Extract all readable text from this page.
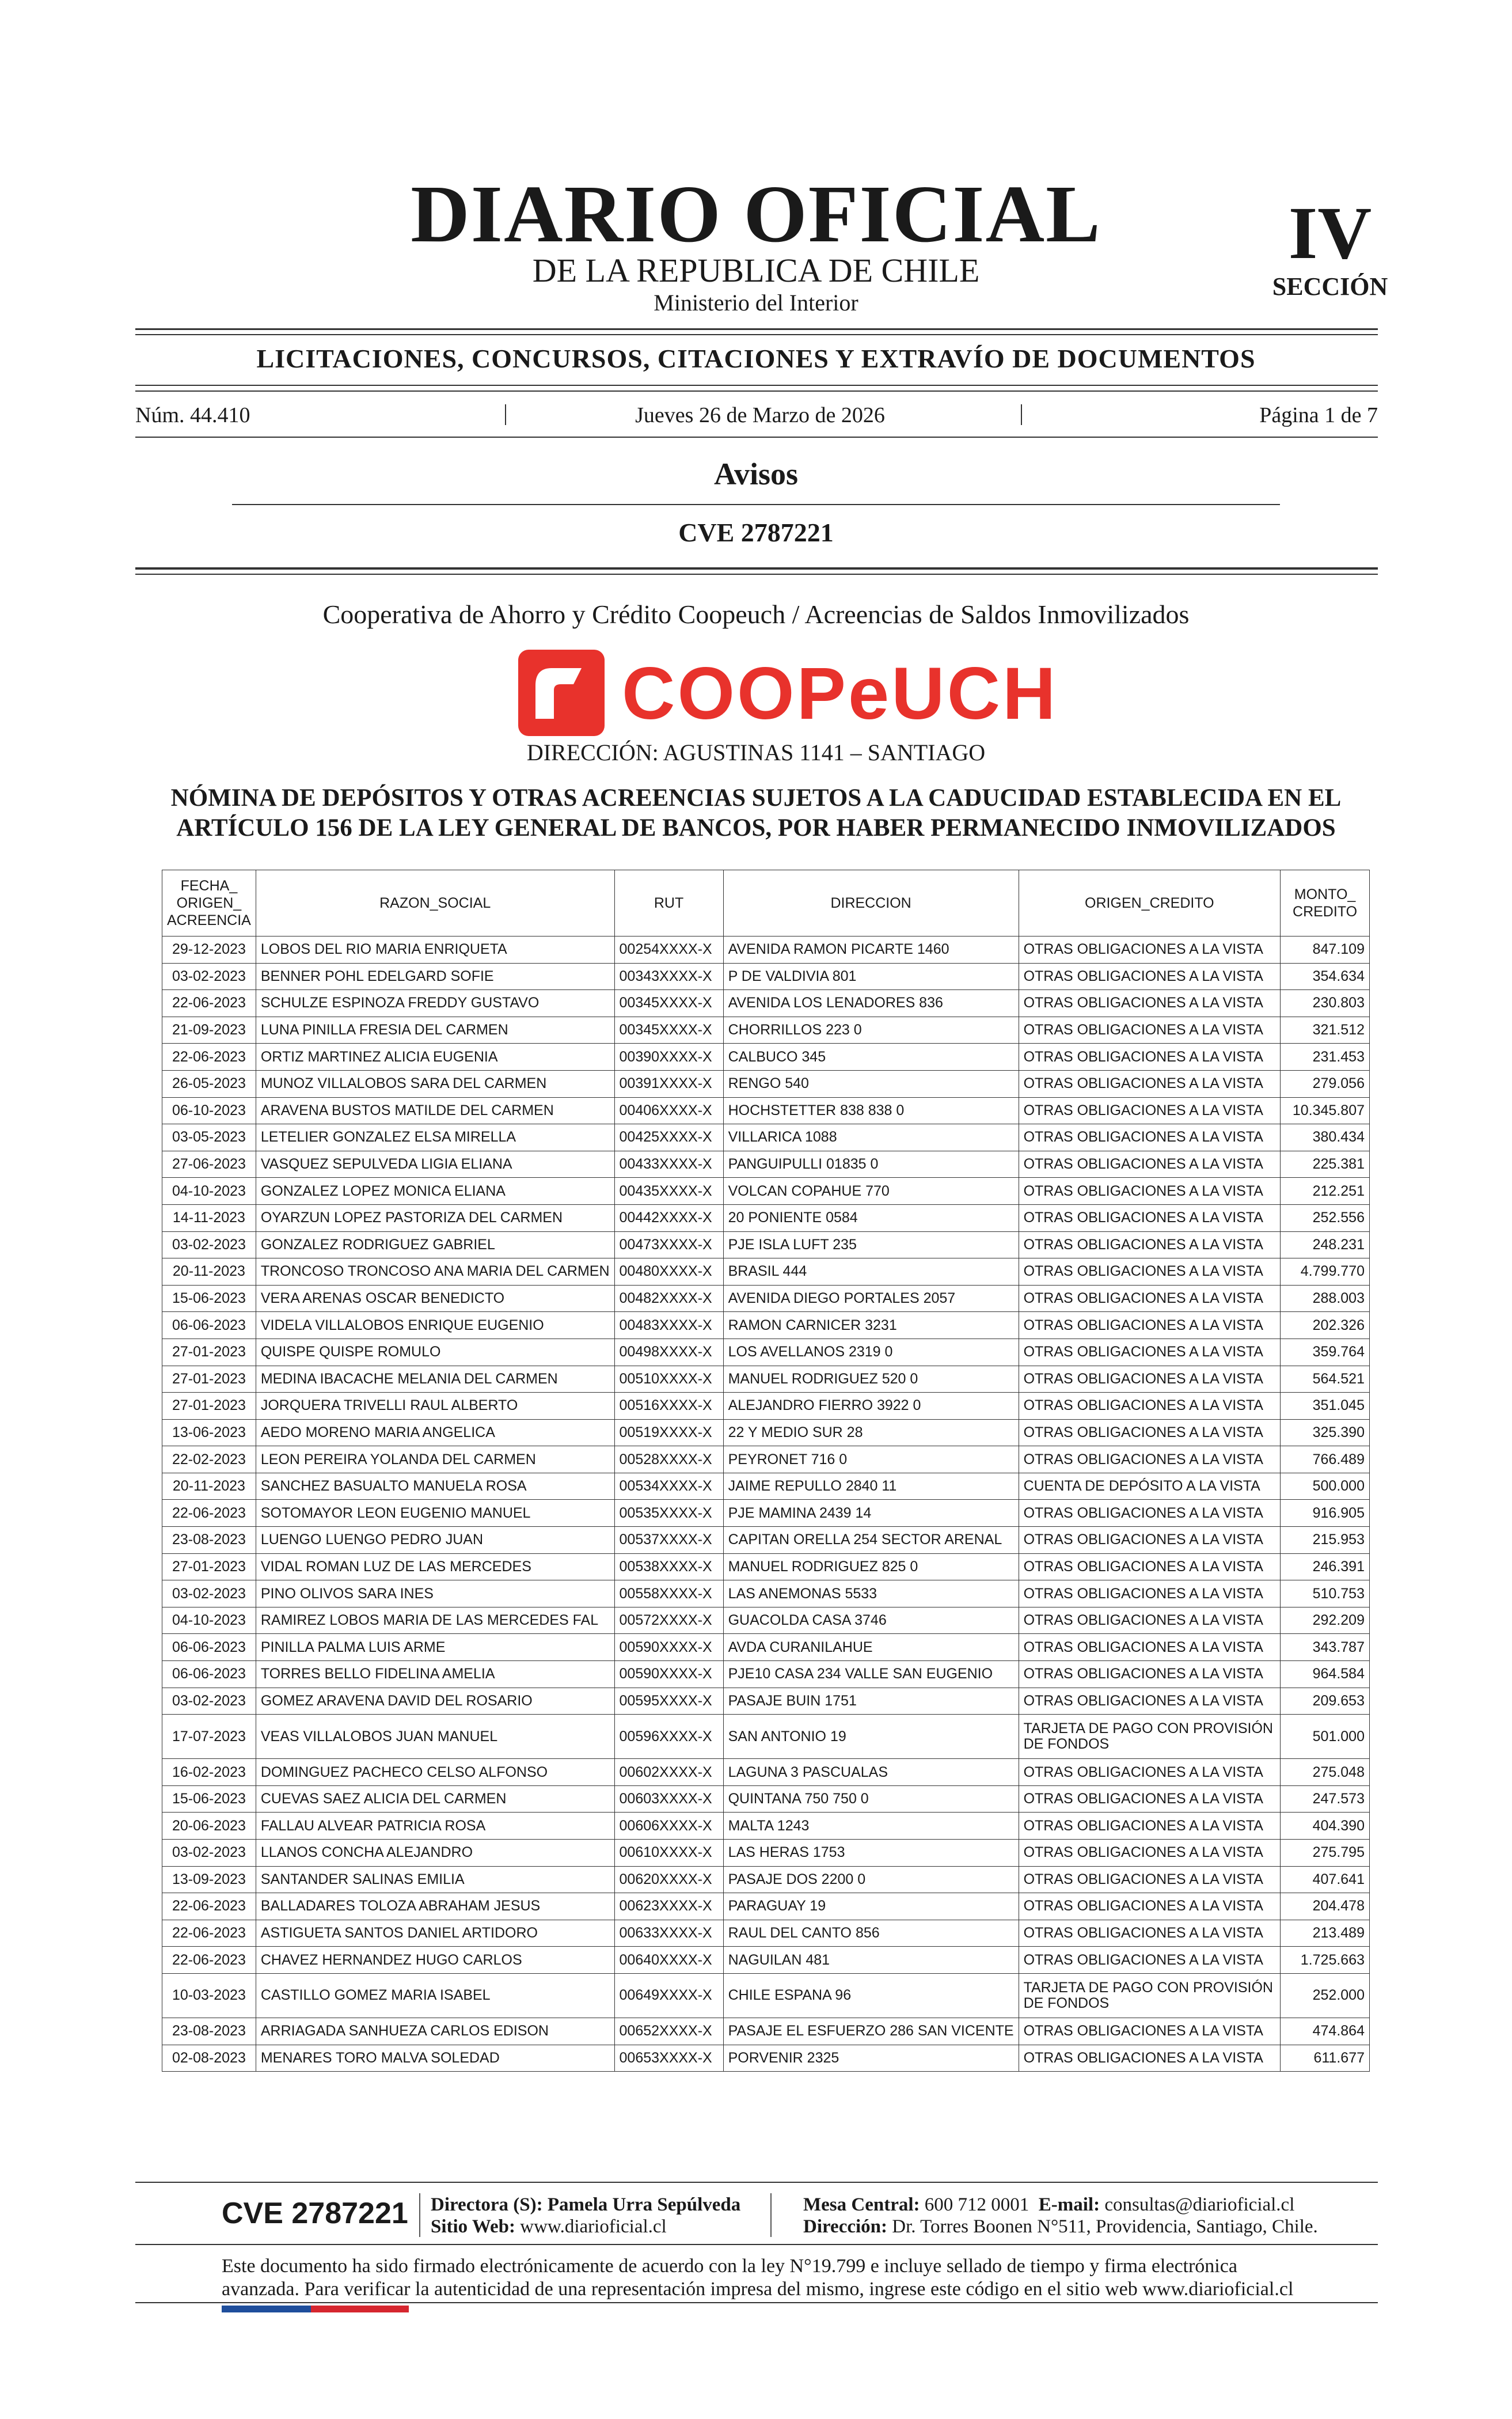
DIARIO OFICIAL
DE LA REPUBLICA DE CHILE
Ministerio del Interior
IV
SECCIÓN
LICITACIONES, CONCURSOS, CITACIONES Y EXTRAVÍO DE DOCUMENTOS
Núm. 44.410	Jueves 26 de Marzo de 2026	Página 1 de 7
Avisos
CVE 2787221
Cooperativa de Ahorro y Crédito Coopeuch / Acreencias de Saldos Inmovilizados
COOPeUCH
DIRECCIÓN: AGUSTINAS 1141 – SANTIAGO
NÓMINA DE DEPÓSITOS Y OTRAS ACREENCIAS SUJETOS A LA CADUCIDAD ESTABLECIDA EN EL
ARTÍCULO 156 DE LA LEY GENERAL DE BANCOS, POR HABER PERMANECIDO INMOVILIZADOS
FECHA_ ORIGEN_ ACREENCIA	RAZON_SOCIAL	RUT	DIRECCION	ORIGEN_CREDITO	MONTO_ CREDITO
29-12-2023	LOBOS DEL RIO MARIA ENRIQUETA	00254XXXX-X	AVENIDA RAMON PICARTE 1460	OTRAS OBLIGACIONES A LA VISTA	847.109
03-02-2023	BENNER POHL EDELGARD SOFIE	00343XXXX-X	P DE VALDIVIA 801	OTRAS OBLIGACIONES A LA VISTA	354.634
22-06-2023	SCHULZE ESPINOZA FREDDY GUSTAVO	00345XXXX-X	AVENIDA LOS LENADORES 836	OTRAS OBLIGACIONES A LA VISTA	230.803
21-09-2023	LUNA PINILLA FRESIA DEL CARMEN	00345XXXX-X	CHORRILLOS 223 0	OTRAS OBLIGACIONES A LA VISTA	321.512
22-06-2023	ORTIZ MARTINEZ ALICIA EUGENIA	00390XXXX-X	CALBUCO 345	OTRAS OBLIGACIONES A LA VISTA	231.453
26-05-2023	MUNOZ VILLALOBOS SARA DEL CARMEN	00391XXXX-X	RENGO 540	OTRAS OBLIGACIONES A LA VISTA	279.056
06-10-2023	ARAVENA BUSTOS MATILDE DEL CARMEN	00406XXXX-X	HOCHSTETTER 838 838 0	OTRAS OBLIGACIONES A LA VISTA	10.345.807
03-05-2023	LETELIER GONZALEZ ELSA MIRELLA	00425XXXX-X	VILLARICA 1088	OTRAS OBLIGACIONES A LA VISTA	380.434
27-06-2023	VASQUEZ SEPULVEDA LIGIA ELIANA	00433XXXX-X	PANGUIPULLI 01835 0	OTRAS OBLIGACIONES A LA VISTA	225.381
04-10-2023	GONZALEZ LOPEZ MONICA ELIANA	00435XXXX-X	VOLCAN COPAHUE 770	OTRAS OBLIGACIONES A LA VISTA	212.251
14-11-2023	OYARZUN LOPEZ PASTORIZA DEL CARMEN	00442XXXX-X	20 PONIENTE 0584	OTRAS OBLIGACIONES A LA VISTA	252.556
03-02-2023	GONZALEZ RODRIGUEZ GABRIEL	00473XXXX-X	PJE ISLA LUFT 235	OTRAS OBLIGACIONES A LA VISTA	248.231
20-11-2023	TRONCOSO TRONCOSO ANA MARIA DEL CARMEN	00480XXXX-X	BRASIL 444	OTRAS OBLIGACIONES A LA VISTA	4.799.770
15-06-2023	VERA ARENAS OSCAR BENEDICTO	00482XXXX-X	AVENIDA DIEGO PORTALES 2057	OTRAS OBLIGACIONES A LA VISTA	288.003
06-06-2023	VIDELA VILLALOBOS ENRIQUE EUGENIO	00483XXXX-X	RAMON CARNICER 3231	OTRAS OBLIGACIONES A LA VISTA	202.326
27-01-2023	QUISPE QUISPE ROMULO	00498XXXX-X	LOS AVELLANOS 2319 0	OTRAS OBLIGACIONES A LA VISTA	359.764
27-01-2023	MEDINA IBACACHE MELANIA DEL CARMEN	00510XXXX-X	MANUEL RODRIGUEZ 520 0	OTRAS OBLIGACIONES A LA VISTA	564.521
27-01-2023	JORQUERA TRIVELLI RAUL ALBERTO	00516XXXX-X	ALEJANDRO FIERRO 3922 0	OTRAS OBLIGACIONES A LA VISTA	351.045
13-06-2023	AEDO MORENO MARIA ANGELICA	00519XXXX-X	22 Y MEDIO SUR 28	OTRAS OBLIGACIONES A LA VISTA	325.390
22-02-2023	LEON PEREIRA YOLANDA DEL CARMEN	00528XXXX-X	PEYRONET 716 0	OTRAS OBLIGACIONES A LA VISTA	766.489
20-11-2023	SANCHEZ BASUALTO MANUELA ROSA	00534XXXX-X	JAIME REPULLO 2840 11	CUENTA DE DEPÓSITO A LA VISTA	500.000
22-06-2023	SOTOMAYOR LEON EUGENIO MANUEL	00535XXXX-X	PJE MAMINA 2439 14	OTRAS OBLIGACIONES A LA VISTA	916.905
23-08-2023	LUENGO LUENGO PEDRO JUAN	00537XXXX-X	CAPITAN ORELLA 254 SECTOR ARENAL	OTRAS OBLIGACIONES A LA VISTA	215.953
27-01-2023	VIDAL ROMAN LUZ DE LAS MERCEDES	00538XXXX-X	MANUEL RODRIGUEZ 825 0	OTRAS OBLIGACIONES A LA VISTA	246.391
03-02-2023	PINO OLIVOS SARA INES	00558XXXX-X	LAS ANEMONAS 5533	OTRAS OBLIGACIONES A LA VISTA	510.753
04-10-2023	RAMIREZ LOBOS MARIA DE LAS MERCEDES FAL	00572XXXX-X	GUACOLDA CASA 3746	OTRAS OBLIGACIONES A LA VISTA	292.209
06-06-2023	PINILLA PALMA LUIS ARME	00590XXXX-X	AVDA CURANILAHUE	OTRAS OBLIGACIONES A LA VISTA	343.787
06-06-2023	TORRES BELLO FIDELINA AMELIA	00590XXXX-X	PJE10 CASA 234 VALLE SAN EUGENIO	OTRAS OBLIGACIONES A LA VISTA	964.584
03-02-2023	GOMEZ ARAVENA DAVID DEL ROSARIO	00595XXXX-X	PASAJE BUIN 1751	OTRAS OBLIGACIONES A LA VISTA	209.653
17-07-2023	VEAS VILLALOBOS JUAN MANUEL	00596XXXX-X	SAN ANTONIO 19	TARJETA DE PAGO CON PROVISIÓN DE FONDOS	501.000
16-02-2023	DOMINGUEZ PACHECO CELSO ALFONSO	00602XXXX-X	LAGUNA 3 PASCUALAS	OTRAS OBLIGACIONES A LA VISTA	275.048
15-06-2023	CUEVAS SAEZ ALICIA DEL CARMEN	00603XXXX-X	QUINTANA 750 750 0	OTRAS OBLIGACIONES A LA VISTA	247.573
20-06-2023	FALLAU ALVEAR PATRICIA ROSA	00606XXXX-X	MALTA 1243	OTRAS OBLIGACIONES A LA VISTA	404.390
03-02-2023	LLANOS CONCHA ALEJANDRO	00610XXXX-X	LAS HERAS 1753	OTRAS OBLIGACIONES A LA VISTA	275.795
13-09-2023	SANTANDER SALINAS EMILIA	00620XXXX-X	PASAJE DOS 2200 0	OTRAS OBLIGACIONES A LA VISTA	407.641
22-06-2023	BALLADARES TOLOZA ABRAHAM JESUS	00623XXXX-X	PARAGUAY 19	OTRAS OBLIGACIONES A LA VISTA	204.478
22-06-2023	ASTIGUETA SANTOS DANIEL ARTIDORO	00633XXXX-X	RAUL DEL CANTO 856	OTRAS OBLIGACIONES A LA VISTA	213.489
22-06-2023	CHAVEZ HERNANDEZ HUGO CARLOS	00640XXXX-X	NAGUILAN 481	OTRAS OBLIGACIONES A LA VISTA	1.725.663
10-03-2023	CASTILLO GOMEZ MARIA ISABEL	00649XXXX-X	CHILE ESPANA 96	TARJETA DE PAGO CON PROVISIÓN DE FONDOS	252.000
23-08-2023	ARRIAGADA SANHUEZA CARLOS EDISON	00652XXXX-X	PASAJE EL ESFUERZO 286 SAN VICENTE	OTRAS OBLIGACIONES A LA VISTA	474.864
02-08-2023	MENARES TORO MALVA SOLEDAD	00653XXXX-X	PORVENIR 2325	OTRAS OBLIGACIONES A LA VISTA	611.677
CVE 2787221 Directora (S): Pamela Urra Sepúlveda
Sitio Web: www.diarioficial.cl
Mesa Central: 600 712 0001 E-mail: consultas@diarioficial.cl
Dirección: Dr. Torres Boonen N°511, Providencia, Santiago, Chile.
Este documento ha sido firmado electrónicamente de acuerdo con la ley N°19.799 e incluye sellado de tiempo y firma electrónica
avanzada. Para verificar la autenticidad de una representación impresa del mismo, ingrese este código en el sitio web www.diarioficial.cl
